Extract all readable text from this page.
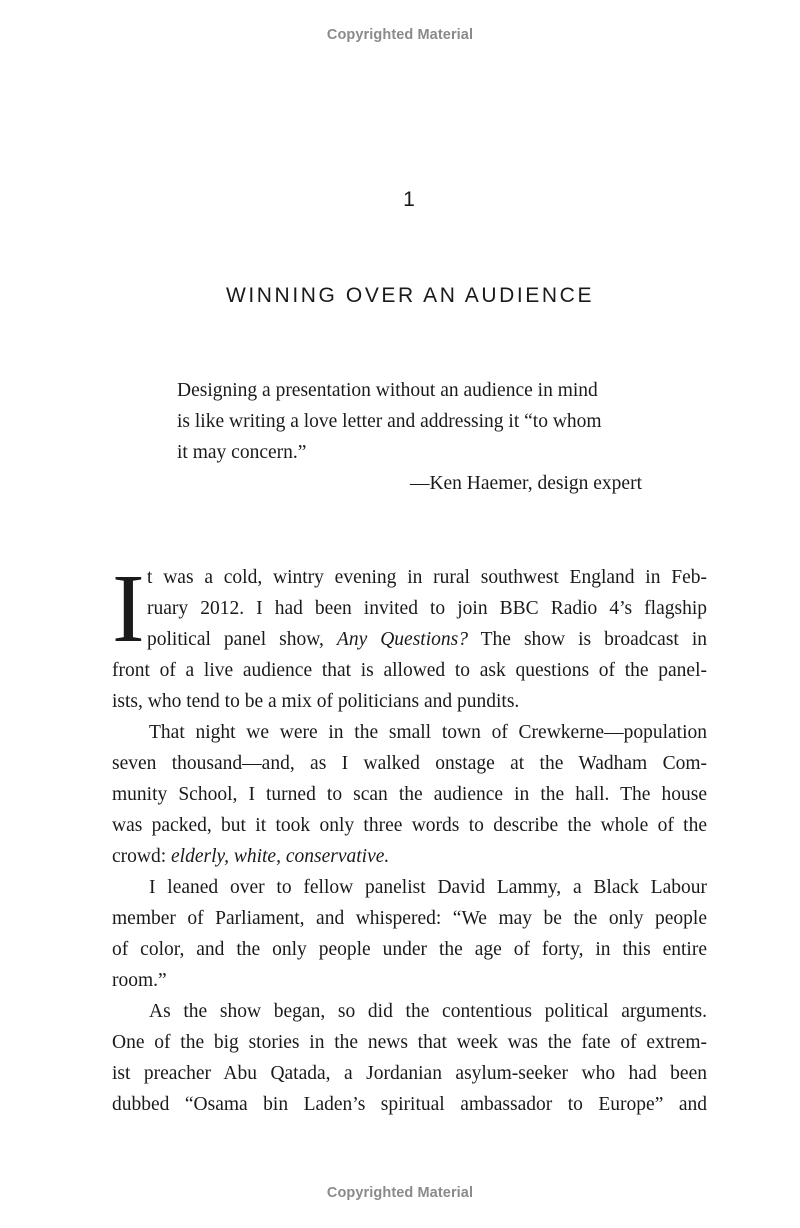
Copyrighted Material
1
WINNING OVER AN AUDIENCE
Designing a presentation without an audience in mind
is like writing a love letter and addressing it “to whom
it may concern.”
—Ken Haemer, design expert
I t was a cold, wintry evening in rural southwest England in Feb-
ruary 2012. I had been invited to join BBC Radio 4’s flagship
political panel show, Any Questions? The show is broadcast in
front of a live audience that is allowed to ask questions of the panel-
ists, who tend to be a mix of politicians and pundits.
That night we were in the small town of Crewkerne—population
seven thousand—and, as I walked onstage at the Wadham Com-
munity School, I turned to scan the audience in the hall. The house
was packed, but it took only three words to describe the whole of the
crowd: elderly, white, conservative.
I leaned over to fellow panelist David Lammy, a Black Labour
member of Parliament, and whispered: “We may be the only people
of color, and the only people under the age of forty, in this entire
room.”
As the show began, so did the contentious political arguments.
One of the big stories in the news that week was the fate of extrem-
ist preacher Abu Qatada, a Jordanian asylum-seeker who had been
dubbed “Osama bin Laden’s spiritual ambassador to Europe” and
Copyrighted Material
